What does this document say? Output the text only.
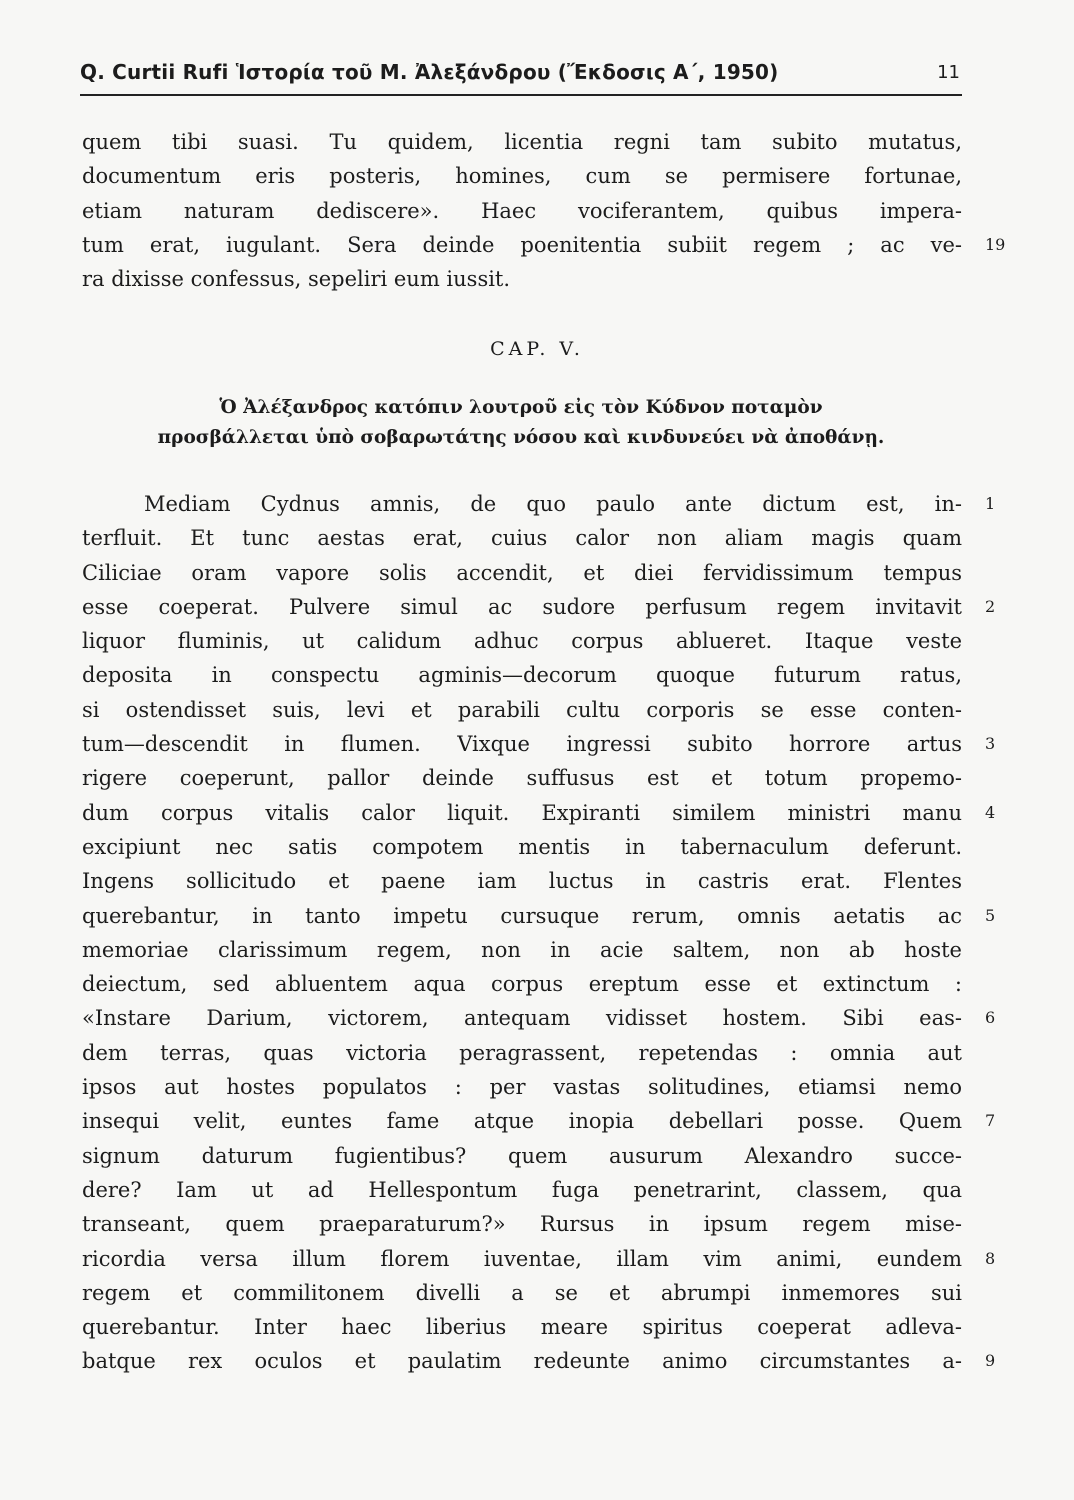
Q. Curtii Rufi Ἱστορία τοῦ Μ. Ἀλεξάνδρου (Ἔκδοσις Α΄, 1950)	11
quem tibi suasi. Tu quidem, licentia regni tam subito mutatus,
documentum eris posteris, homines, cum se permisere fortunae,
etiam naturam dediscere». Haec vociferantem, quibus impera-
tum erat, iugulant. Sera deinde poenitentia subiit regem ; ac ve- 19
ra dixisse confessus, sepeliri eum iussit.
CAP. V.
Ὁ Ἀλέξανδρος κατόπιν λουτροῦ εἰς τὸν Κύδνον ποταμὸν
προσβάλλεται ὑπὸ σοβαρωτάτης νόσου καὶ κινδυνεύει νὰ ἀποθάνῃ.
Mediam Cydnus amnis, de quo paulo ante dictum est, in- 1
terfluit. Et tunc aestas erat, cuius calor non aliam magis quam
Ciliciae oram vapore solis accendit, et diei fervidissimum tempus
esse coeperat. Pulvere simul ac sudore perfusum regem invitavit 2
liquor fluminis, ut calidum adhuc corpus ablueret. Itaque veste
deposita in conspectu agminis—decorum quoque futurum ratus,
si ostendisset suis, levi et parabili cultu corporis se esse conten-
tum—descendit in flumen. Vixque ingressi subito horrore artus 3
rigere coeperunt, pallor deinde suffusus est et totum propemo-
dum corpus vitalis calor liquit. Expiranti similem ministri manu 4
excipiunt nec satis compotem mentis in tabernaculum deferunt.
Ingens sollicitudo et paene iam luctus in castris erat. Flentes
querebantur, in tanto impetu cursuque rerum, omnis aetatis ac 5
memoriae clarissimum regem, non in acie saltem, non ab hoste
deiectum, sed abluentem aqua corpus ereptum esse et extinctum :
«Instare Darium, victorem, antequam vidisset hostem. Sibi eas- 6
dem terras, quas victoria peragrassent, repetendas : omnia aut
ipsos aut hostes populatos : per vastas solitudines, etiamsi nemo
insequi velit, euntes fame atque inopia debellari posse. Quem 7
signum daturum fugientibus? quem ausurum Alexandro succe-
dere? Iam ut ad Hellespontum fuga penetrarint, classem, qua
transeant, quem praeparaturum?» Rursus in ipsum regem mise-
ricordia versa illum florem iuventae, illam vim animi, eundem 8
regem et commilitonem divelli a se et abrumpi inmemores sui
querebantur. Inter haec liberius meare spiritus coeperat adleva-
batque rex oculos et paulatim redeunte animo circumstantes a- 9
